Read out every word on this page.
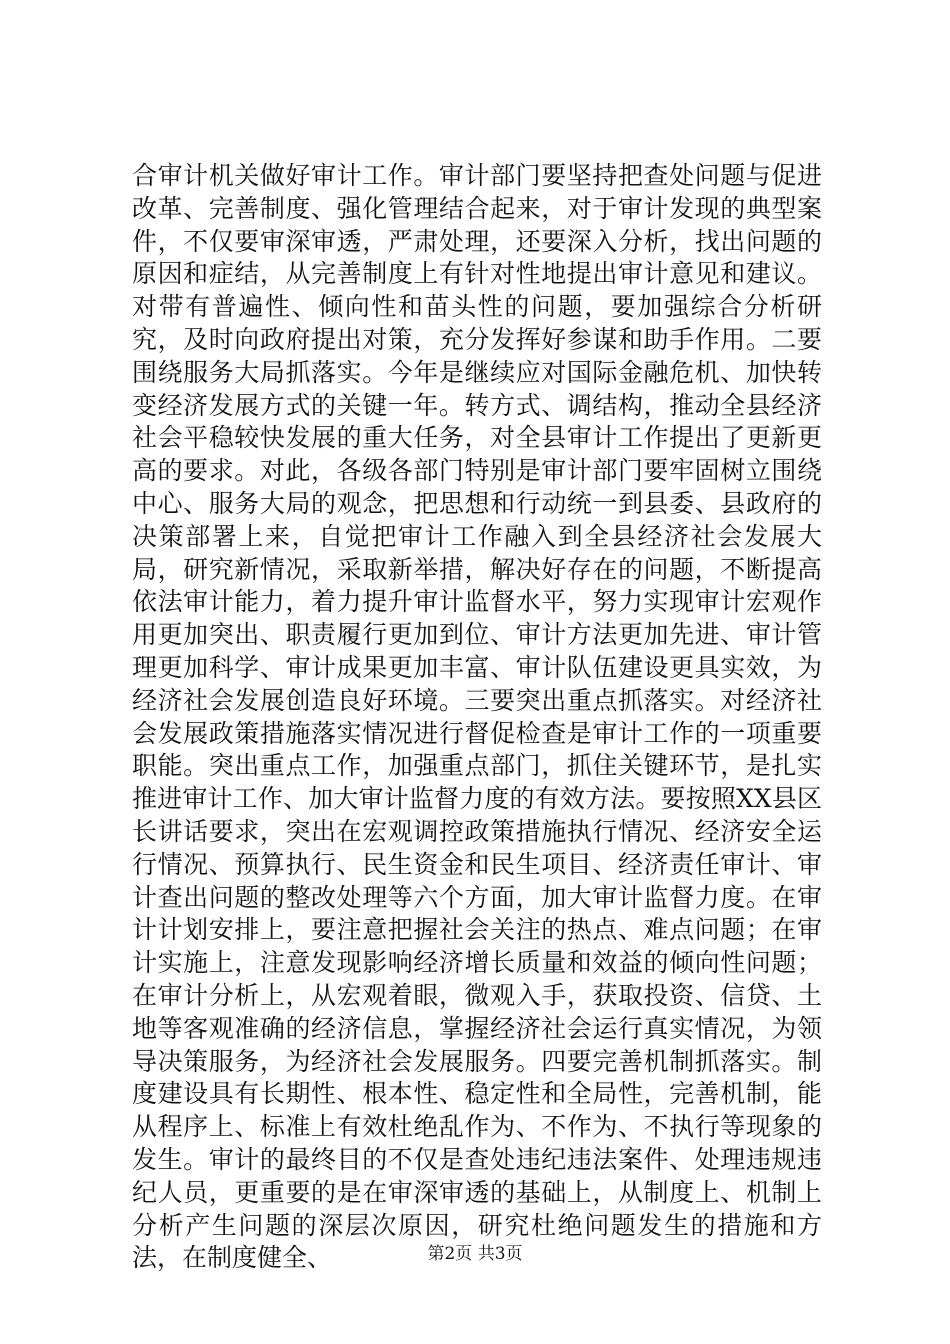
合审计机关做好审计工作。审计部门要坚持把查处问题与促进改革、完善制度、强化管理结合起来，对于审计发现的典型案件，不仅要审深审透，严肃处理，还要深入分析，找出问题的原因和症结，从完善制度上有针对性地提出审计意见和建议。对带有普遍性、倾向性和苗头性的问题，要加强综合分析研究，及时向政府提出对策，充分发挥好参谋和助手作用。二要围绕服务大局抓落实。今年是继续应对国际金融危机、加快转变经济发展方式的关键一年。转方式、调结构，推动全县经济社会平稳较快发展的重大任务，对全县审计工作提出了更新更高的要求。对此，各级各部门特别是审计部门要牢固树立围绕中心、服务大局的观念，把思想和行动统一到县委、县政府的决策部署上来，自觉把审计工作融入到全县经济社会发展大局，研究新情况，采取新举措，解决好存在的问题，不断提高依法审计能力，着力提升审计监督水平，努力实现审计宏观作用更加突出、职责履行更加到位、审计方法更加先进、审计管理更加科学、审计成果更加丰富、审计队伍建设更具实效，为经济社会发展创造良好环境。三要突出重点抓落实。对经济社会发展政策措施落实情况进行督促检查是审计工作的一项重要职能。突出重点工作，加强重点部门，抓住关键环节，是扎实推进审计工作、加大审计监督力度的有效方法。要按照XX县区长讲话要求，突出在宏观调控政策措施执行情况、经济安全运行情况、预算执行、民生资金和民生项目、经济责任审计、审计查出问题的整改处理等六个方面，加大审计监督力度。在审计计划安排上，要注意把握社会关注的热点、难点问题；在审计实施上，注意发现影响经济增长质量和效益的倾向性问题；在审计分析上，从宏观着眼，微观入手，获取投资、信贷、土地等客观准确的经济信息，掌握经济社会运行真实情况，为领导决策服务，为经济社会发展服务。四要完善机制抓落实。制度建设具有长期性、根本性、稳定性和全局性，完善机制，能从程序上、标准上有效杜绝乱作为、不作为、不执行等现象的发生。审计的最终目的不仅是查处违纪违法案件、处理违规违纪人员，更重要的是在审深审透的基础上，从制度上、机制上分析产生问题的深层次原因，研究杜绝问题发生的措施和方法，在制度健全、	第2页 共3页
